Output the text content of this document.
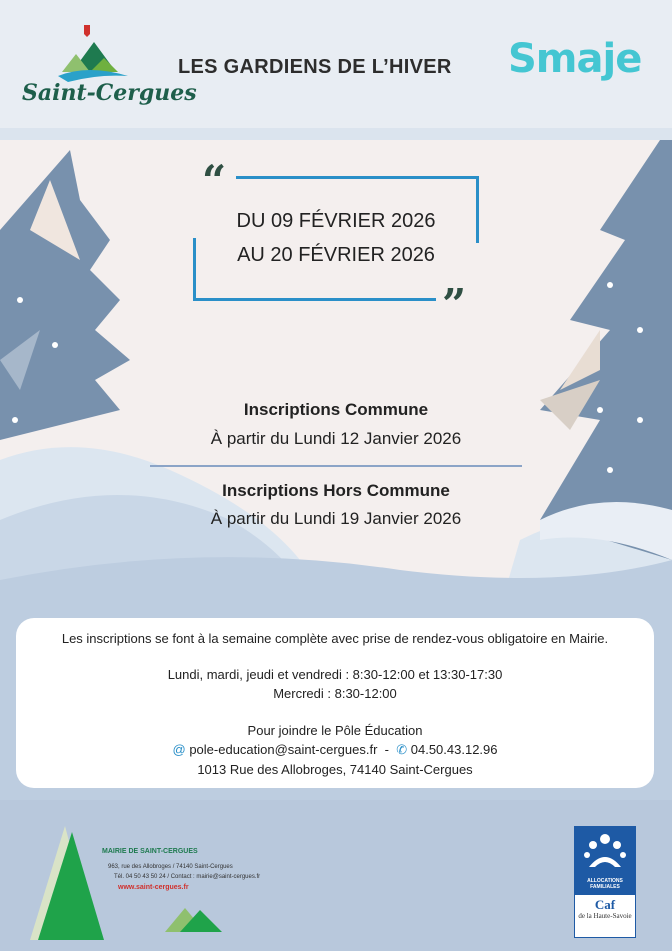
Saint-Cergues
LES GARDIENS DE L’HIVER Smaje
“
”
DU 09 FÉVRIER 2026
AU 20 FÉVRIER 2026
Inscriptions Commune
À partir du Lundi 12 Janvier 2026
Inscriptions Hors Commune
À partir du Lundi 19 Janvier 2026
Les inscriptions se font à la semaine complète avec prise de rendez-vous obligatoire en Mairie.
Lundi, mardi, jeudi et vendredi : 8:30-12:00 et 13:30-17:30
Mercredi : 8:30-12:00
Pour joindre le Pôle Éducation
@ pole-education@saint-cergues.fr - ✆ 04.50.43.12.96
1013 Rue des Allobroges, 74140 Saint-Cergues
MAIRIE DE SAINT-CERGUES
963, rue des Allobroges / 74140 Saint-Cergues
Tél. 04 50 43 50 24 / Contact : mairie@saint-cergues.fr
www.saint-cergues.fr
ALLOCATIONS FAMILIALES
Caf
de la Haute-Savoie
